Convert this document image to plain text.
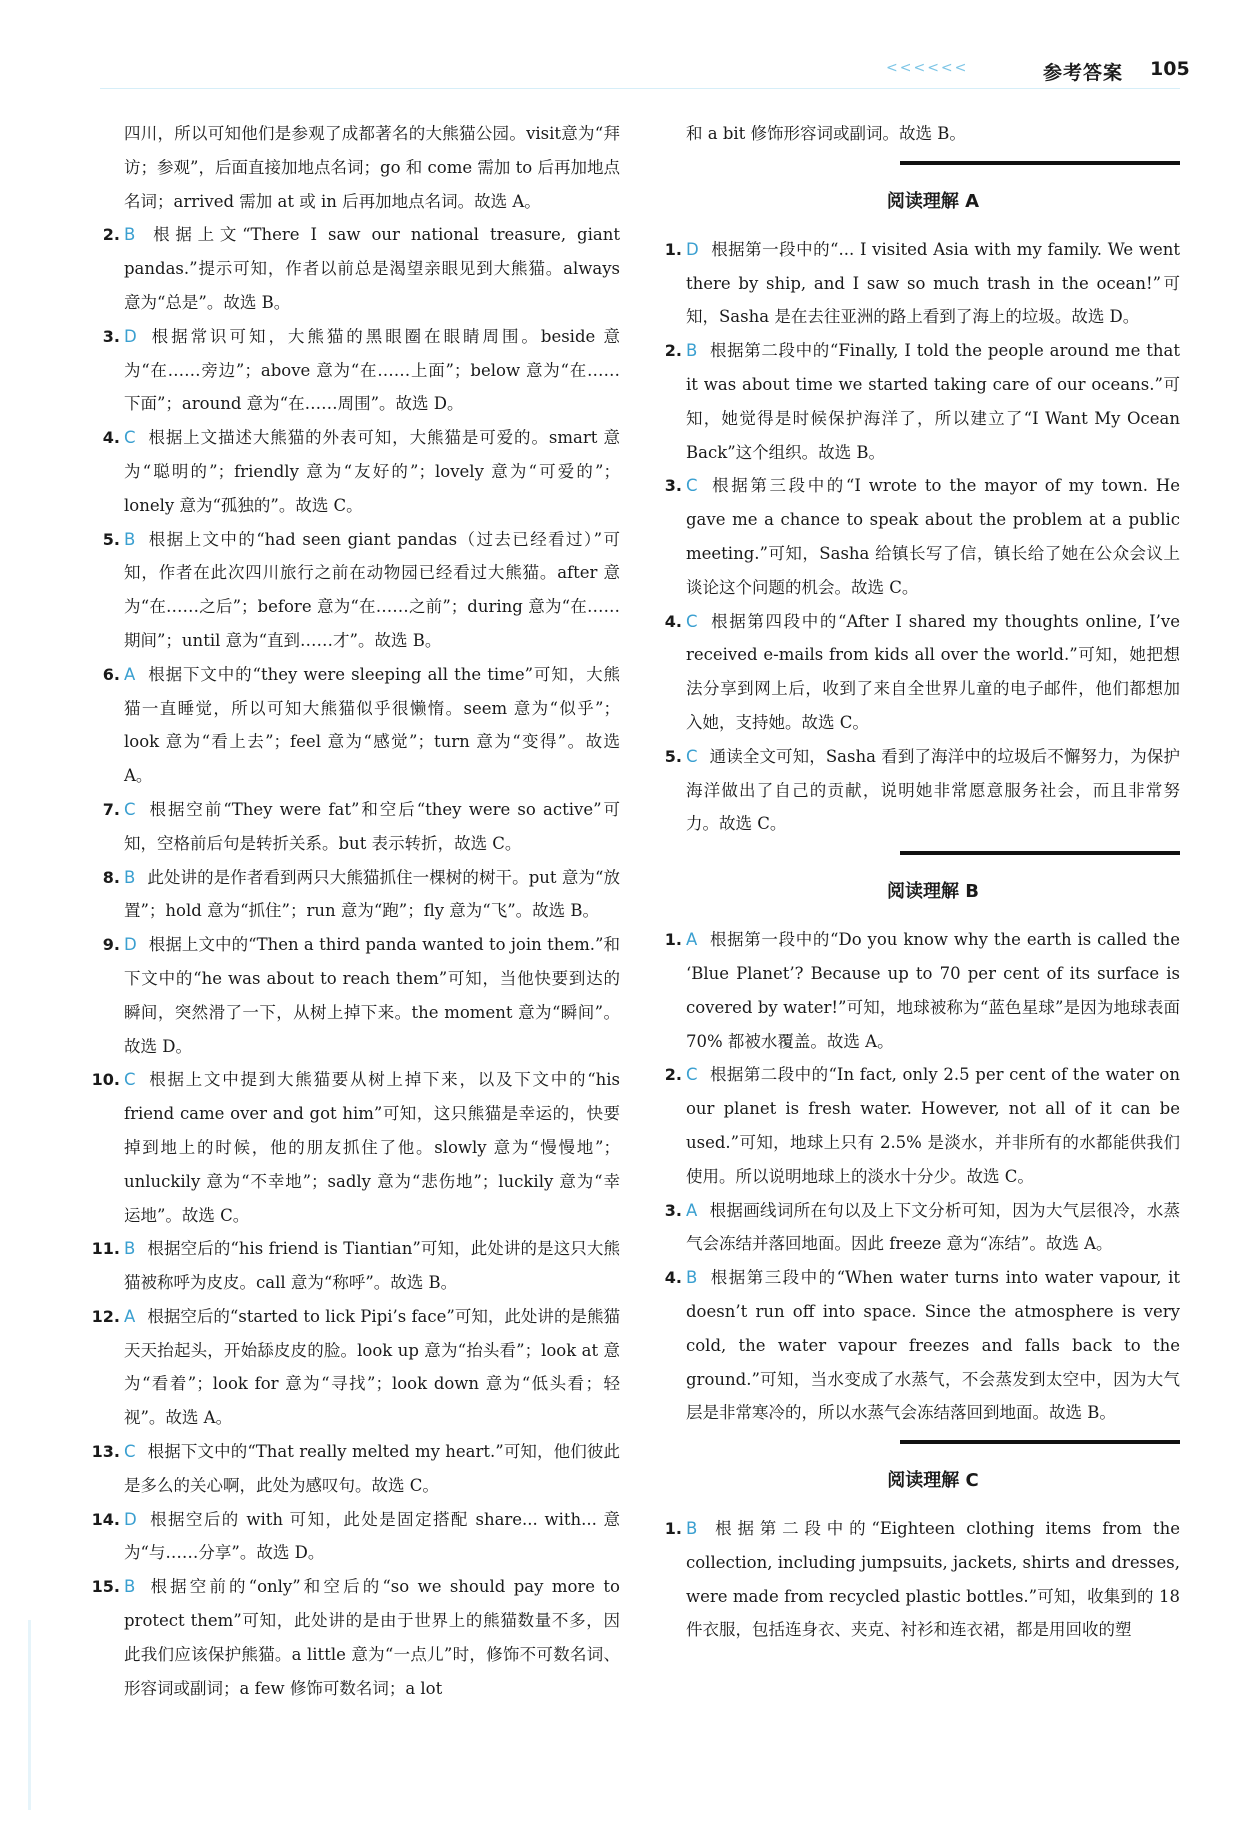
<<<<<<	参考答案 105

四川，所以可知他们是参观了成都著名的大熊猫公园。visit意为“拜访；参观”，后面直接加地点名词；go 和 come 需加 to 后再加地点名词；arrived 需加 at 或 in 后再加地点名词。故选 A。

2. B 根据上文“There I saw our national treasure, giant pandas.”提示可知，作者以前总是渴望亲眼见到大熊猫。always 意为“总是”。故选 B。
3. D 根据常识可知，大熊猫的黑眼圈在眼睛周围。beside 意为“在……旁边”；above 意为“在……上面”；below 意为“在……下面”；around 意为“在……周围”。故选 D。
4. C 根据上文描述大熊猫的外表可知，大熊猫是可爱的。smart 意为“聪明的”；friendly 意为“友好的”；lovely 意为“可爱的”；lonely 意为“孤独的”。故选 C。
5. B 根据上文中的“had seen giant pandas（过去已经看过）”可知，作者在此次四川旅行之前在动物园已经看过大熊猫。after 意为“在……之后”；before 意为“在……之前”；during 意为“在……期间”；until 意为“直到……才”。故选 B。
6. A 根据下文中的“they were sleeping all the time”可知，大熊猫一直睡觉，所以可知大熊猫似乎很懒惰。seem 意为“似乎”；look 意为“看上去”；feel 意为“感觉”；turn 意为“变得”。故选 A。
7. C 根据空前“They were fat”和空后“they were so active”可知，空格前后句是转折关系。but 表示转折，故选 C。
8. B 此处讲的是作者看到两只大熊猫抓住一棵树的树干。put 意为“放置”；hold 意为“抓住”；run 意为“跑”；fly 意为“飞”。故选 B。
9. D 根据上文中的“Then a third panda wanted to join them.”和下文中的“he was about to reach them”可知，当他快要到达的瞬间，突然滑了一下，从树上掉下来。the moment 意为“瞬间”。故选 D。
10. C 根据上文中提到大熊猫要从树上掉下来，以及下文中的“his friend came over and got him”可知，这只熊猫是幸运的，快要掉到地上的时候，他的朋友抓住了他。slowly 意为“慢慢地”；unluckily 意为“不幸地”；sadly 意为“悲伤地”；luckily 意为“幸运地”。故选 C。
11. B 根据空后的“his friend is Tiantian”可知，此处讲的是这只大熊猫被称呼为皮皮。call 意为“称呼”。故选 B。
12. A 根据空后的“started to lick Pipi’s face”可知，此处讲的是熊猫天天抬起头，开始舔皮皮的脸。look up 意为“抬头看”；look at 意为“看着”；look for 意为“寻找”；look down 意为“低头看；轻视”。故选 A。
13. C 根据下文中的“That really melted my heart.”可知，他们彼此是多么的关心啊，此处为感叹句。故选 C。
14. D 根据空后的 with 可知，此处是固定搭配 share... with... 意为“与……分享”。故选 D。
15. B 根据空前的“only”和空后的“so we should pay more to protect them”可知，此处讲的是由于世界上的熊猫数量不多，因此我们应该保护熊猫。a little 意为“一点儿”时，修饰不可数名词、形容词或副词；a few 修饰可数名词；a lot

和 a bit 修饰形容词或副词。故选 B。

阅读理解 A
1. D 根据第一段中的“... I visited Asia with my family. We went there by ship, and I saw so much trash in the ocean!”可知，Sasha 是在去往亚洲的路上看到了海上的垃圾。故选 D。
2. B 根据第二段中的“Finally, I told the people around me that it was about time we started taking care of our oceans.”可知，她觉得是时候保护海洋了，所以建立了“I Want My Ocean Back”这个组织。故选 B。
3. C 根据第三段中的“I wrote to the mayor of my town. He gave me a chance to speak about the problem at a public meeting.”可知，Sasha 给镇长写了信，镇长给了她在公众会议上谈论这个问题的机会。故选 C。
4. C 根据第四段中的“After I shared my thoughts online, I’ve received e-mails from kids all over the world.”可知，她把想法分享到网上后，收到了来自全世界儿童的电子邮件，他们都想加入她，支持她。故选 C。
5. C 通读全文可知，Sasha 看到了海洋中的垃圾后不懈努力，为保护海洋做出了自己的贡献，说明她非常愿意服务社会，而且非常努力。故选 C。
阅读理解 B
1. A 根据第一段中的“Do you know why the earth is called the ‘Blue Planet’? Because up to 70 per cent of its surface is covered by water!”可知，地球被称为“蓝色星球”是因为地球表面 70% 都被水覆盖。故选 A。
2. C 根据第二段中的“In fact, only 2.5 per cent of the water on our planet is fresh water. However, not all of it can be used.”可知，地球上只有 2.5% 是淡水，并非所有的水都能供我们使用。所以说明地球上的淡水十分少。故选 C。
3. A 根据画线词所在句以及上下文分析可知，因为大气层很冷，水蒸气会冻结并落回地面。因此 freeze 意为“冻结”。故选 A。
4. B 根据第三段中的“When water turns into water vapour, it doesn’t run off into space. Since the atmosphere is very cold, the water vapour freezes and falls back to the ground.”可知，当水变成了水蒸气，不会蒸发到太空中，因为大气层是非常寒冷的，所以水蒸气会冻结落回到地面。故选 B。
阅读理解 C
1. B 根据第二段中的“Eighteen clothing items from the collection, including jumpsuits, jackets, shirts and dresses, were made from recycled plastic bottles.”可知，收集到的 18 件衣服，包括连身衣、夹克、衬衫和连衣裙，都是用回收的塑
